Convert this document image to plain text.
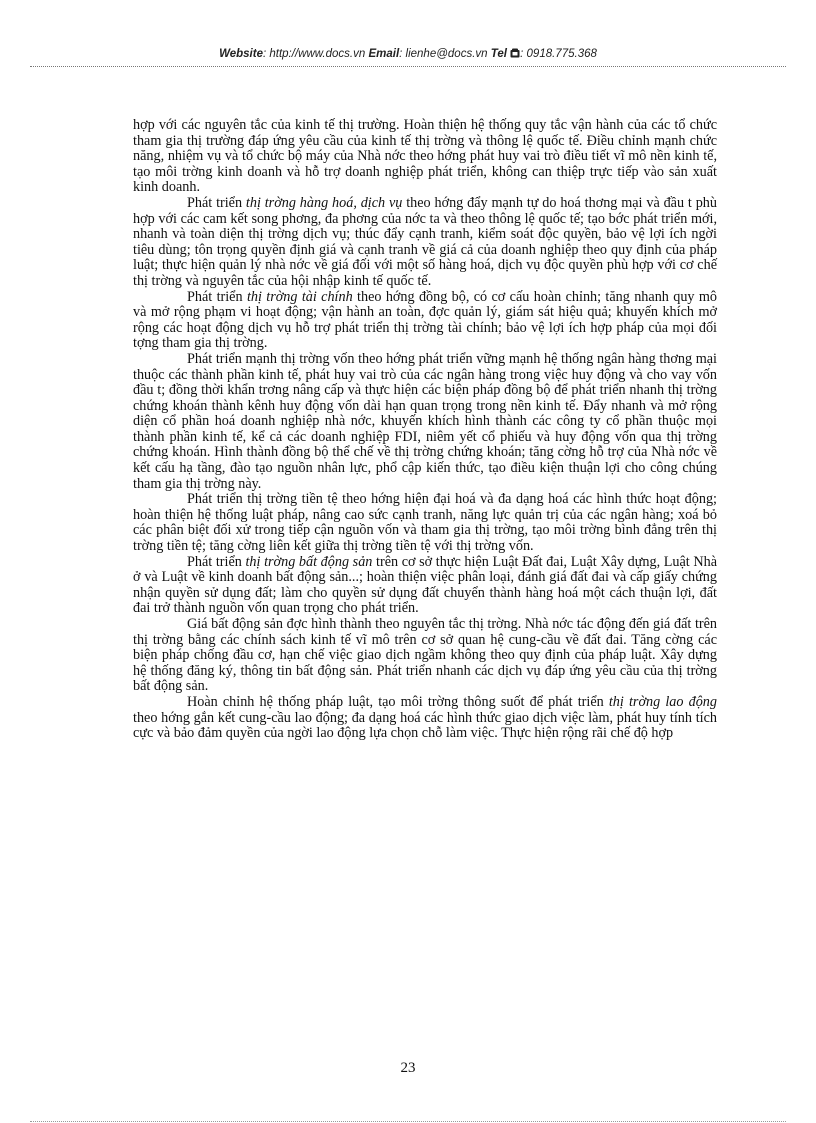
Website: http://www.docs.vn Email: lienhe@docs.vn Tel : 0918.775.368

hợp với các nguyên tắc của kinh tế thị trường. Hoàn thiện hệ thống quy tắc vận hành của các tổ chức tham gia thị trường đáp ứng yêu cầu của kinh tế thị trờng và thông lệ quốc tế. Điều chỉnh mạnh chức năng, nhiệm vụ và tổ chức bộ máy của Nhà nớc theo hớng phát huy vai trò điều tiết vĩ mô nền kinh tế, tạo môi trờng kinh doanh và hỗ trợ doanh nghiệp phát triển, không can thiệp trực tiếp vào sản xuất kinh doanh.

Phát triển thị trờng hàng hoá, dịch vụ theo hớng đẩy mạnh tự do hoá thơng mại và đầu t phù hợp với các cam kết song phơng, đa phơng của nớc ta và theo thông lệ quốc tế; tạo bớc phát triển mới, nhanh và toàn diện thị trờng dịch vụ; thúc đẩy cạnh tranh, kiểm soát độc quyền, bảo vệ lợi ích ngời tiêu dùng; tôn trọng quyền định giá và cạnh tranh về giá cả của doanh nghiệp theo quy định của pháp luật; thực hiện quản lý nhà nớc về giá đối với một số hàng hoá, dịch vụ độc quyền phù hợp với cơ chế thị trờng và nguyên tắc của hội nhập kinh tế quốc tế.

Phát triển thị trờng tài chính theo hớng đồng bộ, có cơ cấu hoàn chỉnh; tăng nhanh quy mô và mở rộng phạm vi hoạt động; vận hành an toàn, đợc quản lý, giám sát hiệu quả; khuyến khích mở rộng các hoạt động dịch vụ hỗ trợ phát triển thị trờng tài chính; bảo vệ lợi ích hợp pháp của mọi đối tợng tham gia thị trờng.

Phát triển mạnh thị trờng vốn theo hớng phát triển vững mạnh hệ thống ngân hàng thơng mại thuộc các thành phần kinh tế, phát huy vai trò của các ngân hàng trong việc huy động và cho vay vốn đầu t; đồng thời khẩn trơng nâng cấp và thực hiện các biện pháp đồng bộ để phát triển nhanh thị trờng chứng khoán thành kênh huy động vốn dài hạn quan trọng trong nền kinh tế. Đẩy nhanh và mở rộng diện cổ phần hoá doanh nghiệp nhà nớc, khuyến khích hình thành các công ty cổ phần thuộc mọi thành phần kinh tế, kể cả các doanh nghiệp FDI, niêm yết cổ phiếu và huy động vốn qua thị trờng chứng khoán. Hình thành đồng bộ thể chế về thị trờng chứng khoán; tăng cờng hỗ trợ của Nhà nớc về kết cấu hạ tầng, đào tạo nguồn nhân lực, phổ cập kiến thức, tạo điều kiện thuận lợi cho công chúng tham gia thị trờng này.

Phát triển thị trờng tiền tệ theo hớng hiện đại hoá và đa dạng hoá các hình thức hoạt động; hoàn thiện hệ thống luật pháp, nâng cao sức cạnh tranh, năng lực quản trị của các ngân hàng; xoá bỏ các phân biệt đối xử trong tiếp cận nguồn vốn và tham gia thị trờng, tạo môi trờng bình đẳng trên thị trờng tiền tệ; tăng cờng liên kết giữa thị trờng tiền tệ với thị trờng vốn.

Phát triển thị trờng bất động sản trên cơ sở thực hiện Luật Đất đai, Luật Xây dựng, Luật Nhà ở và Luật về kinh doanh bất động sản...; hoàn thiện việc phân loại, đánh giá đất đai và cấp giấy chứng nhận quyền sử dụng đất; làm cho quyền sử dụng đất chuyển thành hàng hoá một cách thuận lợi, đất đai trở thành nguồn vốn quan trọng cho phát triển.

Giá bất động sản đợc hình thành theo nguyên tắc thị trờng. Nhà nớc tác động đến giá đất trên thị trờng bằng các chính sách kinh tế vĩ mô trên cơ sở quan hệ cung-cầu về đất đai. Tăng cờng các biện pháp chống đầu cơ, hạn chế việc giao dịch ngầm không theo quy định của pháp luật. Xây dựng hệ thống đăng ký, thông tin bất động sản. Phát triển nhanh các dịch vụ đáp ứng yêu cầu của thị trờng bất động sản.

Hoàn chỉnh hệ thống pháp luật, tạo môi trờng thông suốt để phát triển thị trờng lao động theo hớng gắn kết cung-cầu lao động; đa dạng hoá các hình thức giao dịch việc làm, phát huy tính tích cực và bảo đảm quyền của ngời lao động lựa chọn chỗ làm việc. Thực hiện rộng rãi chế độ hợp

23
